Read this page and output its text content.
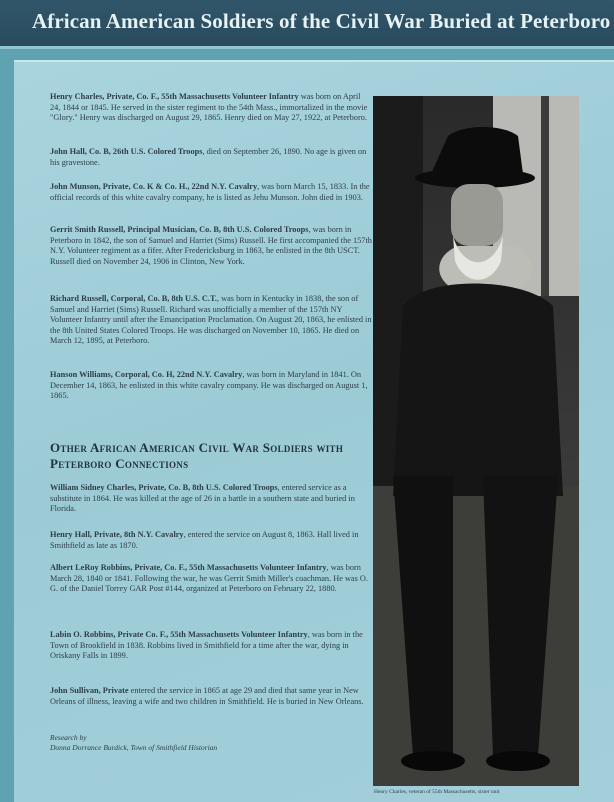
African American Soldiers of the Civil War Buried at Peterboro
Henry Charles, Private, Co. F., 55th Massachusetts Volunteer Infantry was born on April 24, 1844 or 1845. He served in the sister regiment to the 54th Mass., immortalized in the movie "Glory." Henry was discharged on August 29, 1865. Henry died on May 27, 1922, at Peterboro.
John Hall, Co. B, 26th U.S. Colored Troops, died on September 26, 1890. No age is given on his gravestone.
John Munson, Private, Co. K & Co. H., 22nd N.Y. Cavalry, was born March 15, 1833. In the official records of this white cavalry company, he is listed as Jehu Munson. John died in 1903.
Gerrit Smith Russell, Principal Musician, Co. B, 8th U.S. Colored Troops, was born in Peterboro in 1842, the son of Samuel and Harriet (Sims) Russell. He first accompanied the 157th N.Y. Volunteer regiment as a fifer. After Fredericksburg in 1863, he enlisted in the 8th USCT. Russell died on November 24, 1906 in Clinton, New York.
Richard Russell, Corporal, Co. B, 8th U.S. C.T., was born in Kentucky in 1838, the son of Samuel and Harriet (Sims) Russell. Richard was unofficially a member of the 157th NY Volunteer Infantry until after the Emancipation Proclamation. On August 20, 1863, he enlisted in the 8th United States Colored Troops. He was discharged on November 10, 1865. He died on March 12, 1895, at Peterboro.
Hanson Williams, Corporal, Co. H, 22nd N.Y. Cavalry, was born in Maryland in 1841. On December 14, 1863, he enlisted in this white cavalry company. He was discharged on August 1, 1865.
Other African American Civil War Soldiers with Peterboro Connections
William Sidney Charles, Private, Co. B, 8th U.S. Colored Troops, entered service as a substitute in 1864. He was killed at the age of 26 in a battle in a southern state and buried in Florida.
Henry Hall, Private, 8th N.Y. Cavalry, entered the service on August 8, 1863. Hall lived in Smithfield as late as 1870.
Albert LeRoy Robbins, Private, Co. F., 55th Massachusetts Volunteer Infantry, was born March 28, 1840 or 1841. Following the war, he was Gerrit Smith Miller's coachman. He was O. G. of the Daniel Torrey GAR Post #144, organized at Peterboro on February 22, 1880.
Labin O. Robbins, Private Co. F., 55th Massachusetts Volunteer Infantry, was born in the Town of Brookfield in 1838. Robbins lived in Smithfield for a time after the war, dying in Oriskany Falls in 1899.
John Sullivan, Private entered the service in 1865 at age 29 and died that same year in New Orleans of illness, leaving a wife and two children in Smithfield. He is buried in New Orleans.
Research by
Donna Dorrance Burdick, Town of Smithfield Historian
Henry Charles, veteran of 55th Massachusetts, sister unit
